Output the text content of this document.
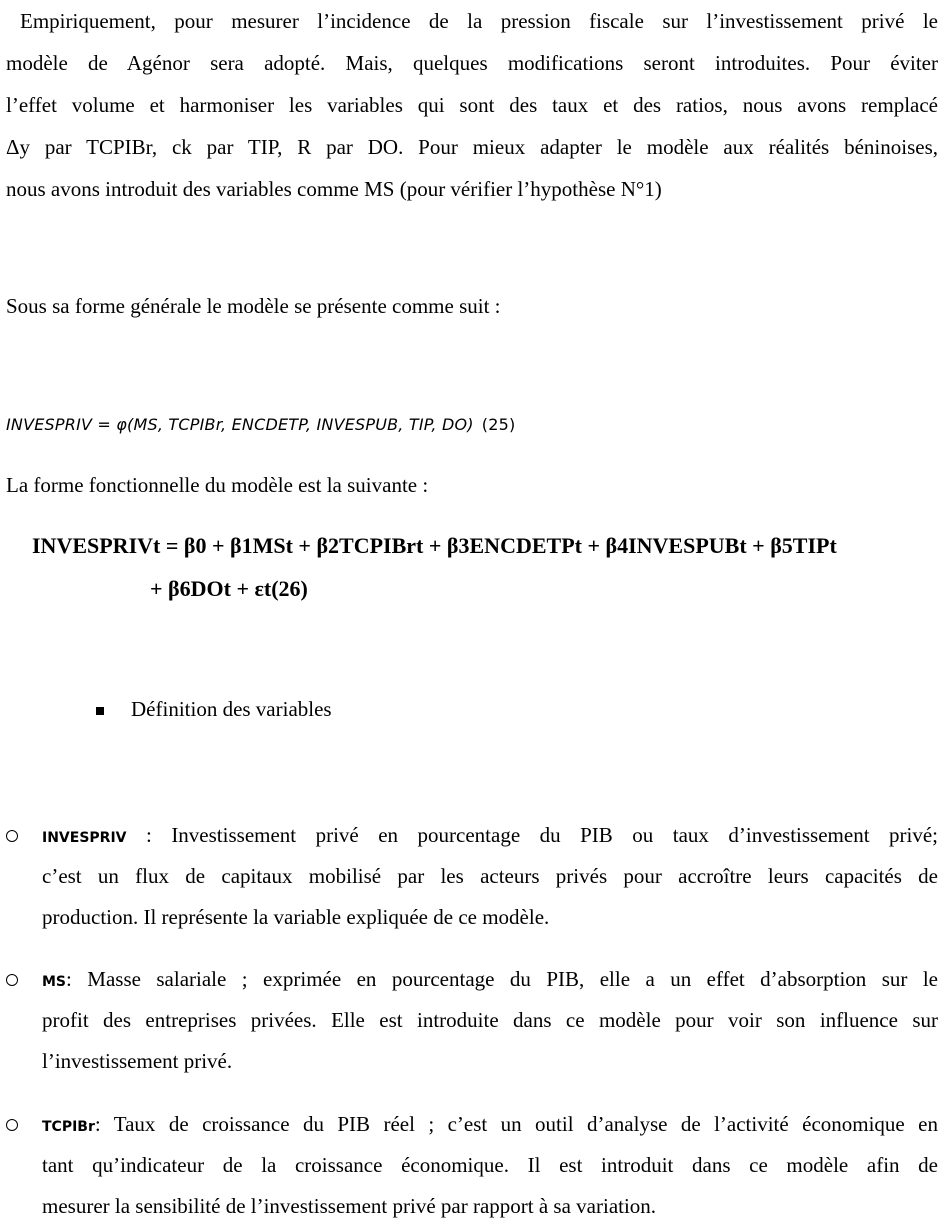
Empiriquement, pour mesurer l’incidence de la pression fiscale sur l’investissement privé le
modèle de Agénor sera adopté. Mais, quelques modifications seront introduites. Pour éviter
l’effet volume et harmoniser les variables qui sont des taux et des ratios, nous avons remplacé
Δy par TCPIBr, ck par TIP, R par DO. Pour mieux adapter le modèle aux réalités béninoises,
nous avons introduit des variables comme MS (pour vérifier l’hypothèse N°1)
Sous sa forme générale le modèle se présente comme suit :
INVESPRIV = φ(MS, TCPIBr, ENCDETP, INVESPUB, TIP, DO) (25)
La forme fonctionnelle du modèle est la suivante :
INVESPRIVt = β0 + β1MSt + β2TCPIBrt + β3ENCDETPt + β4INVESPUBt + β5TIPt
+ β6DOt + εt(26)
Définition des variables
INVESPRIV : Investissement privé en pourcentage du PIB ou taux d’investissement privé;
c’est un flux de capitaux mobilisé par les acteurs privés pour accroître leurs capacités de
production. Il représente la variable expliquée de ce modèle.
MS: Masse salariale ; exprimée en pourcentage du PIB, elle a un effet d’absorption sur le
profit des entreprises privées. Elle est introduite dans ce modèle pour voir son influence sur
l’investissement privé.
TCPIBr: Taux de croissance du PIB réel ; c’est un outil d’analyse de l’activité économique en
tant qu’indicateur de la croissance économique. Il est introduit dans ce modèle afin de
mesurer la sensibilité de l’investissement privé par rapport à sa variation.
